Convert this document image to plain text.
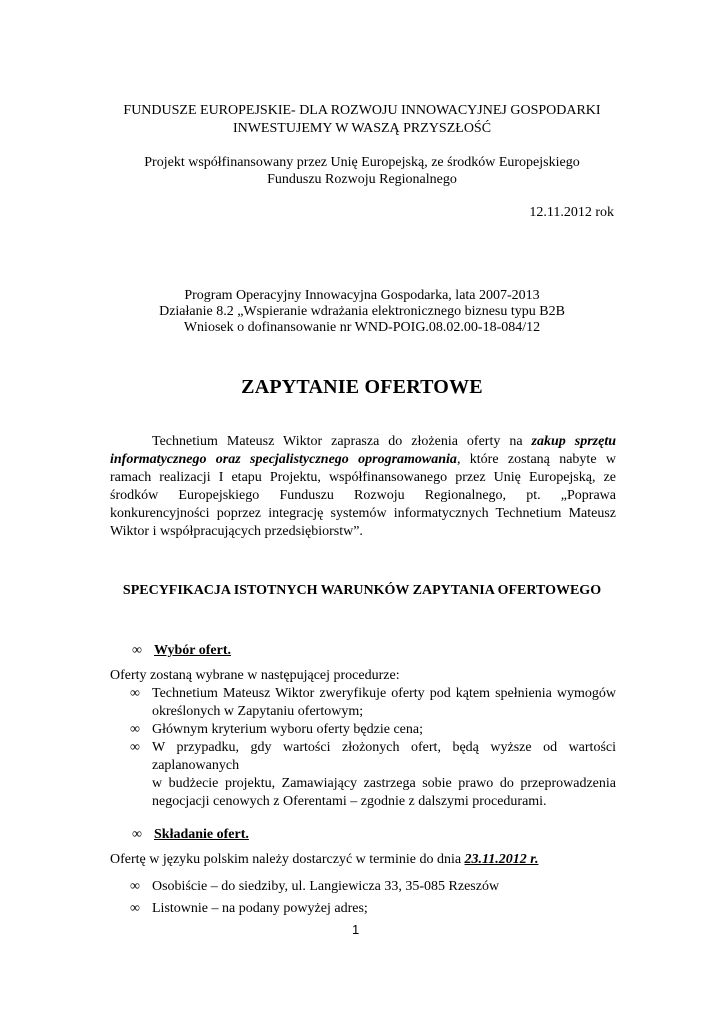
FUNDUSZE EUROPEJSKIE- DLA ROZWOJU INNOWACYJNEJ GOSPODARKI
INWESTUJEMY W WASZĄ PRZYSZŁOŚĆ
Projekt współfinansowany przez Unię Europejską, ze środków Europejskiego
Funduszu Rozwoju Regionalnego
12.11.2012 rok
Program Operacyjny Innowacyjna Gospodarka, lata 2007-2013
Działanie 8.2 „Wspieranie wdrażania elektronicznego biznesu typu B2B
Wniosek o dofinansowanie nr WND-POIG.08.02.00-18-084/12
ZAPYTANIE OFERTOWE
Technetium Mateusz Wiktor zaprasza do złożenia oferty na zakup sprzętu informatycznego oraz specjalistycznego oprogramowania, które zostaną nabyte w ramach realizacji I etapu Projektu, współfinansowanego przez Unię Europejską, ze środków Europejskiego Funduszu Rozwoju Regionalnego, pt. „Poprawa konkurencyjności poprzez integrację systemów informatycznych Technetium Mateusz Wiktor i współpracujących przedsiębiorstw”.
SPECYFIKACJA ISTOTNYCH WARUNKÓW ZAPYTANIA OFERTOWEGO
∞ Wybór ofert.
Oferty zostaną wybrane w następującej procedurze:
∞ Technetium Mateusz Wiktor zweryfikuje oferty pod kątem spełnienia wymogów określonych w Zapytaniu ofertowym;
∞ Głównym kryterium wyboru oferty będzie cena;
∞ W przypadku, gdy wartości złożonych ofert, będą wyższe od wartości zaplanowanych
w budżecie projektu, Zamawiający zastrzega sobie prawo do przeprowadzenia negocjacji cenowych z Oferentami – zgodnie z dalszymi procedurami.
∞ Składanie ofert.
Ofertę w języku polskim należy dostarczyć w terminie do dnia 23.11.2012 r.
∞ Osobiście – do siedziby, ul. Langiewicza 33, 35-085 Rzeszów
∞ Listownie – na podany powyżej adres;
1
